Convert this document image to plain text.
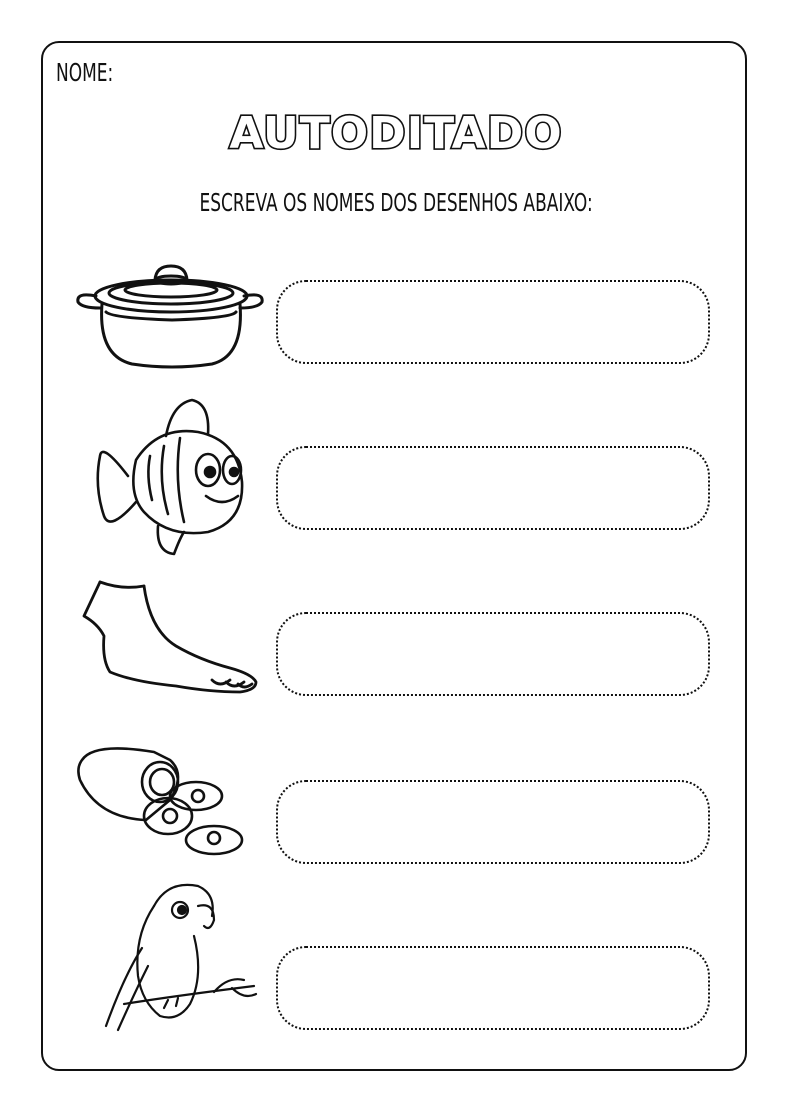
NOME:
AUTODITADO
ESCREVA OS NOMES DOS DESENHOS ABAIXO:
